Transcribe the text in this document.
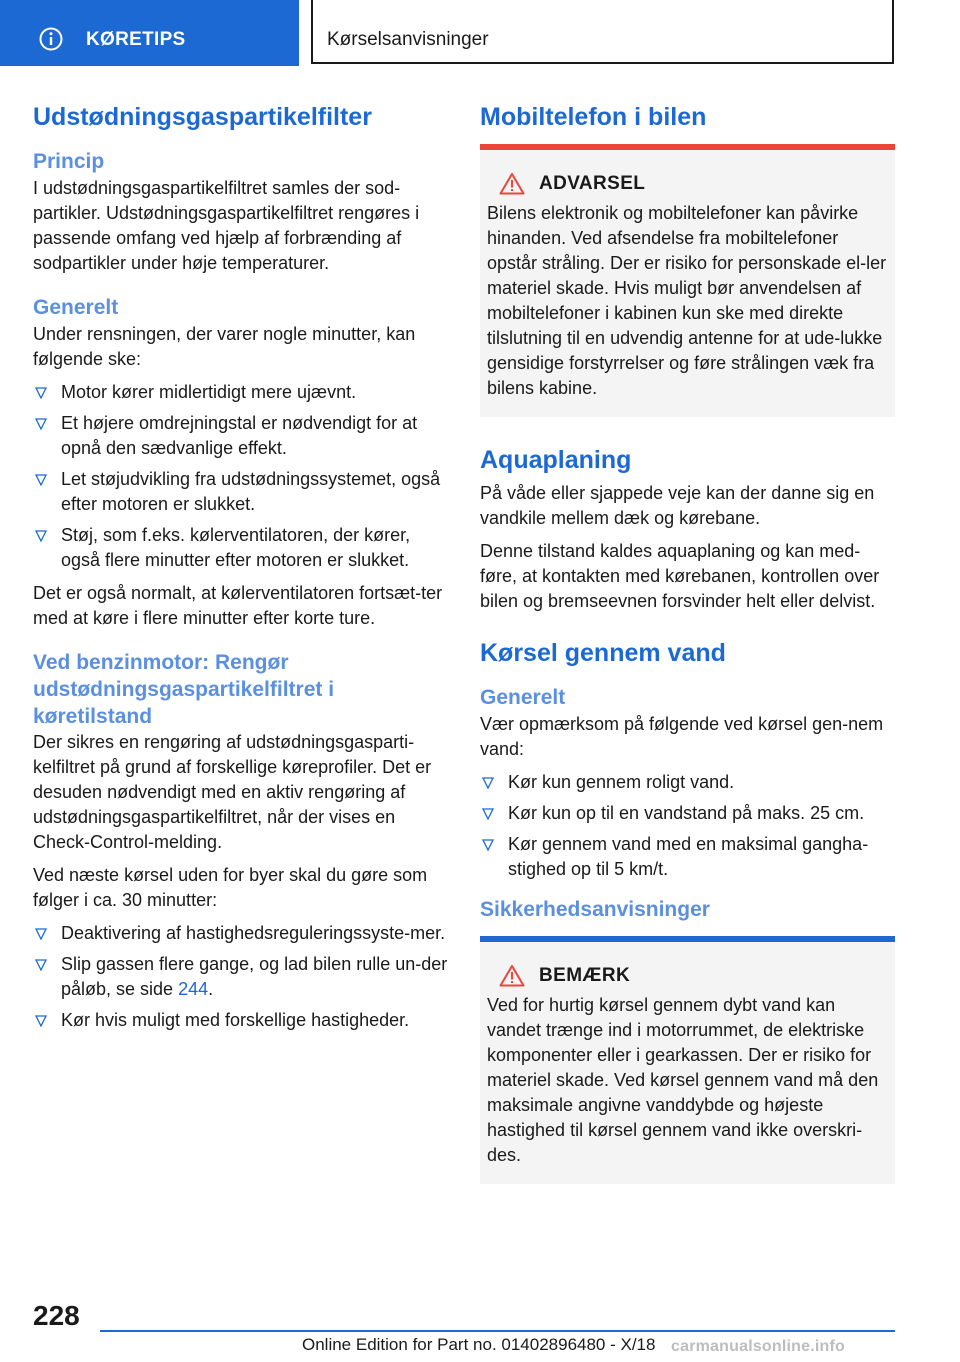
KØRETIPS	Kørselsanvisninger
Udstødningsgaspartikelfilter
Princip

I udstødningsgaspartikelfiltret samles der sod-partikler. Udstødningsgaspartikelfiltret rengøres i passende omfang ved hjælp af forbrænding af sodpartikler under høje temperaturer.

Generelt

Under rensningen, der varer nogle minutter, kan følgende ske:

Motor kører midlertidigt mere ujævnt.
Et højere omdrejningstal er nødvendigt for at opnå den sædvanlige effekt.
Let støjudvikling fra udstødningssystemet, også efter motoren er slukket.
Støj, som f.eks. kølerventilatoren, der kører, også flere minutter efter motoren er slukket.

Det er også normalt, at kølerventilatoren fortsæt-ter med at køre i flere minutter efter korte ture.

Ved benzinmotor: Rengør udstødningsgaspartikelfiltret i køretilstand

Der sikres en rengøring af udstødningsgasparti-kelfiltret på grund af forskellige køreprofiler. Det er desuden nødvendigt med en aktiv rengøring af udstødningsgaspartikelfiltret, når der vises en Check-Control-melding.

Ved næste kørsel uden for byer skal du gøre som følger i ca. 30 minutter:

Deaktivering af hastighedsreguleringssyste-mer.
Slip gassen flere gange, og lad bilen rulle un-der påløb, se side 244.
Kør hvis muligt med forskellige hastigheder.
Mobiltelefon i bilen
ADVARSEL

Bilens elektronik og mobiltelefoner kan påvirke hinanden. Ved afsendelse fra mobiltelefoner opstår stråling. Der er risiko for personskade el-ler materiel skade. Hvis muligt bør anvendelsen af mobiltelefoner i kabinen kun ske med direkte tilslutning til en udvendig antenne for at ude-lukke gensidige forstyrrelser og føre strålingen væk fra bilens kabine.

Aquaplaning

På våde eller sjappede veje kan der danne sig en vandkile mellem dæk og kørebane.

Denne tilstand kaldes aquaplaning og kan med-føre, at kontakten med kørebanen, kontrollen over bilen og bremseevnen forsvinder helt eller delvist.

Kørsel gennem vand
Generelt

Vær opmærksom på følgende ved kørsel gen-nem vand:

Kør kun gennem roligt vand.
Kør kun op til en vandstand på maks. 25 cm.
Kør gennem vand med en maksimal gangha-stighed op til 5 km/t.
Sikkerhedsanvisninger
BEMÆRK

Ved for hurtig kørsel gennem dybt vand kan vandet trænge ind i motorrummet, de elektriske komponenter eller i gearkassen. Der er risiko for materiel skade. Ved kørsel gennem vand må den maksimale angivne vanddybde og højeste hastighed til kørsel gennem vand ikke overskri-des.

228
Online Edition for Part no. 01402896480 - X/18 carmanualsonline.info
